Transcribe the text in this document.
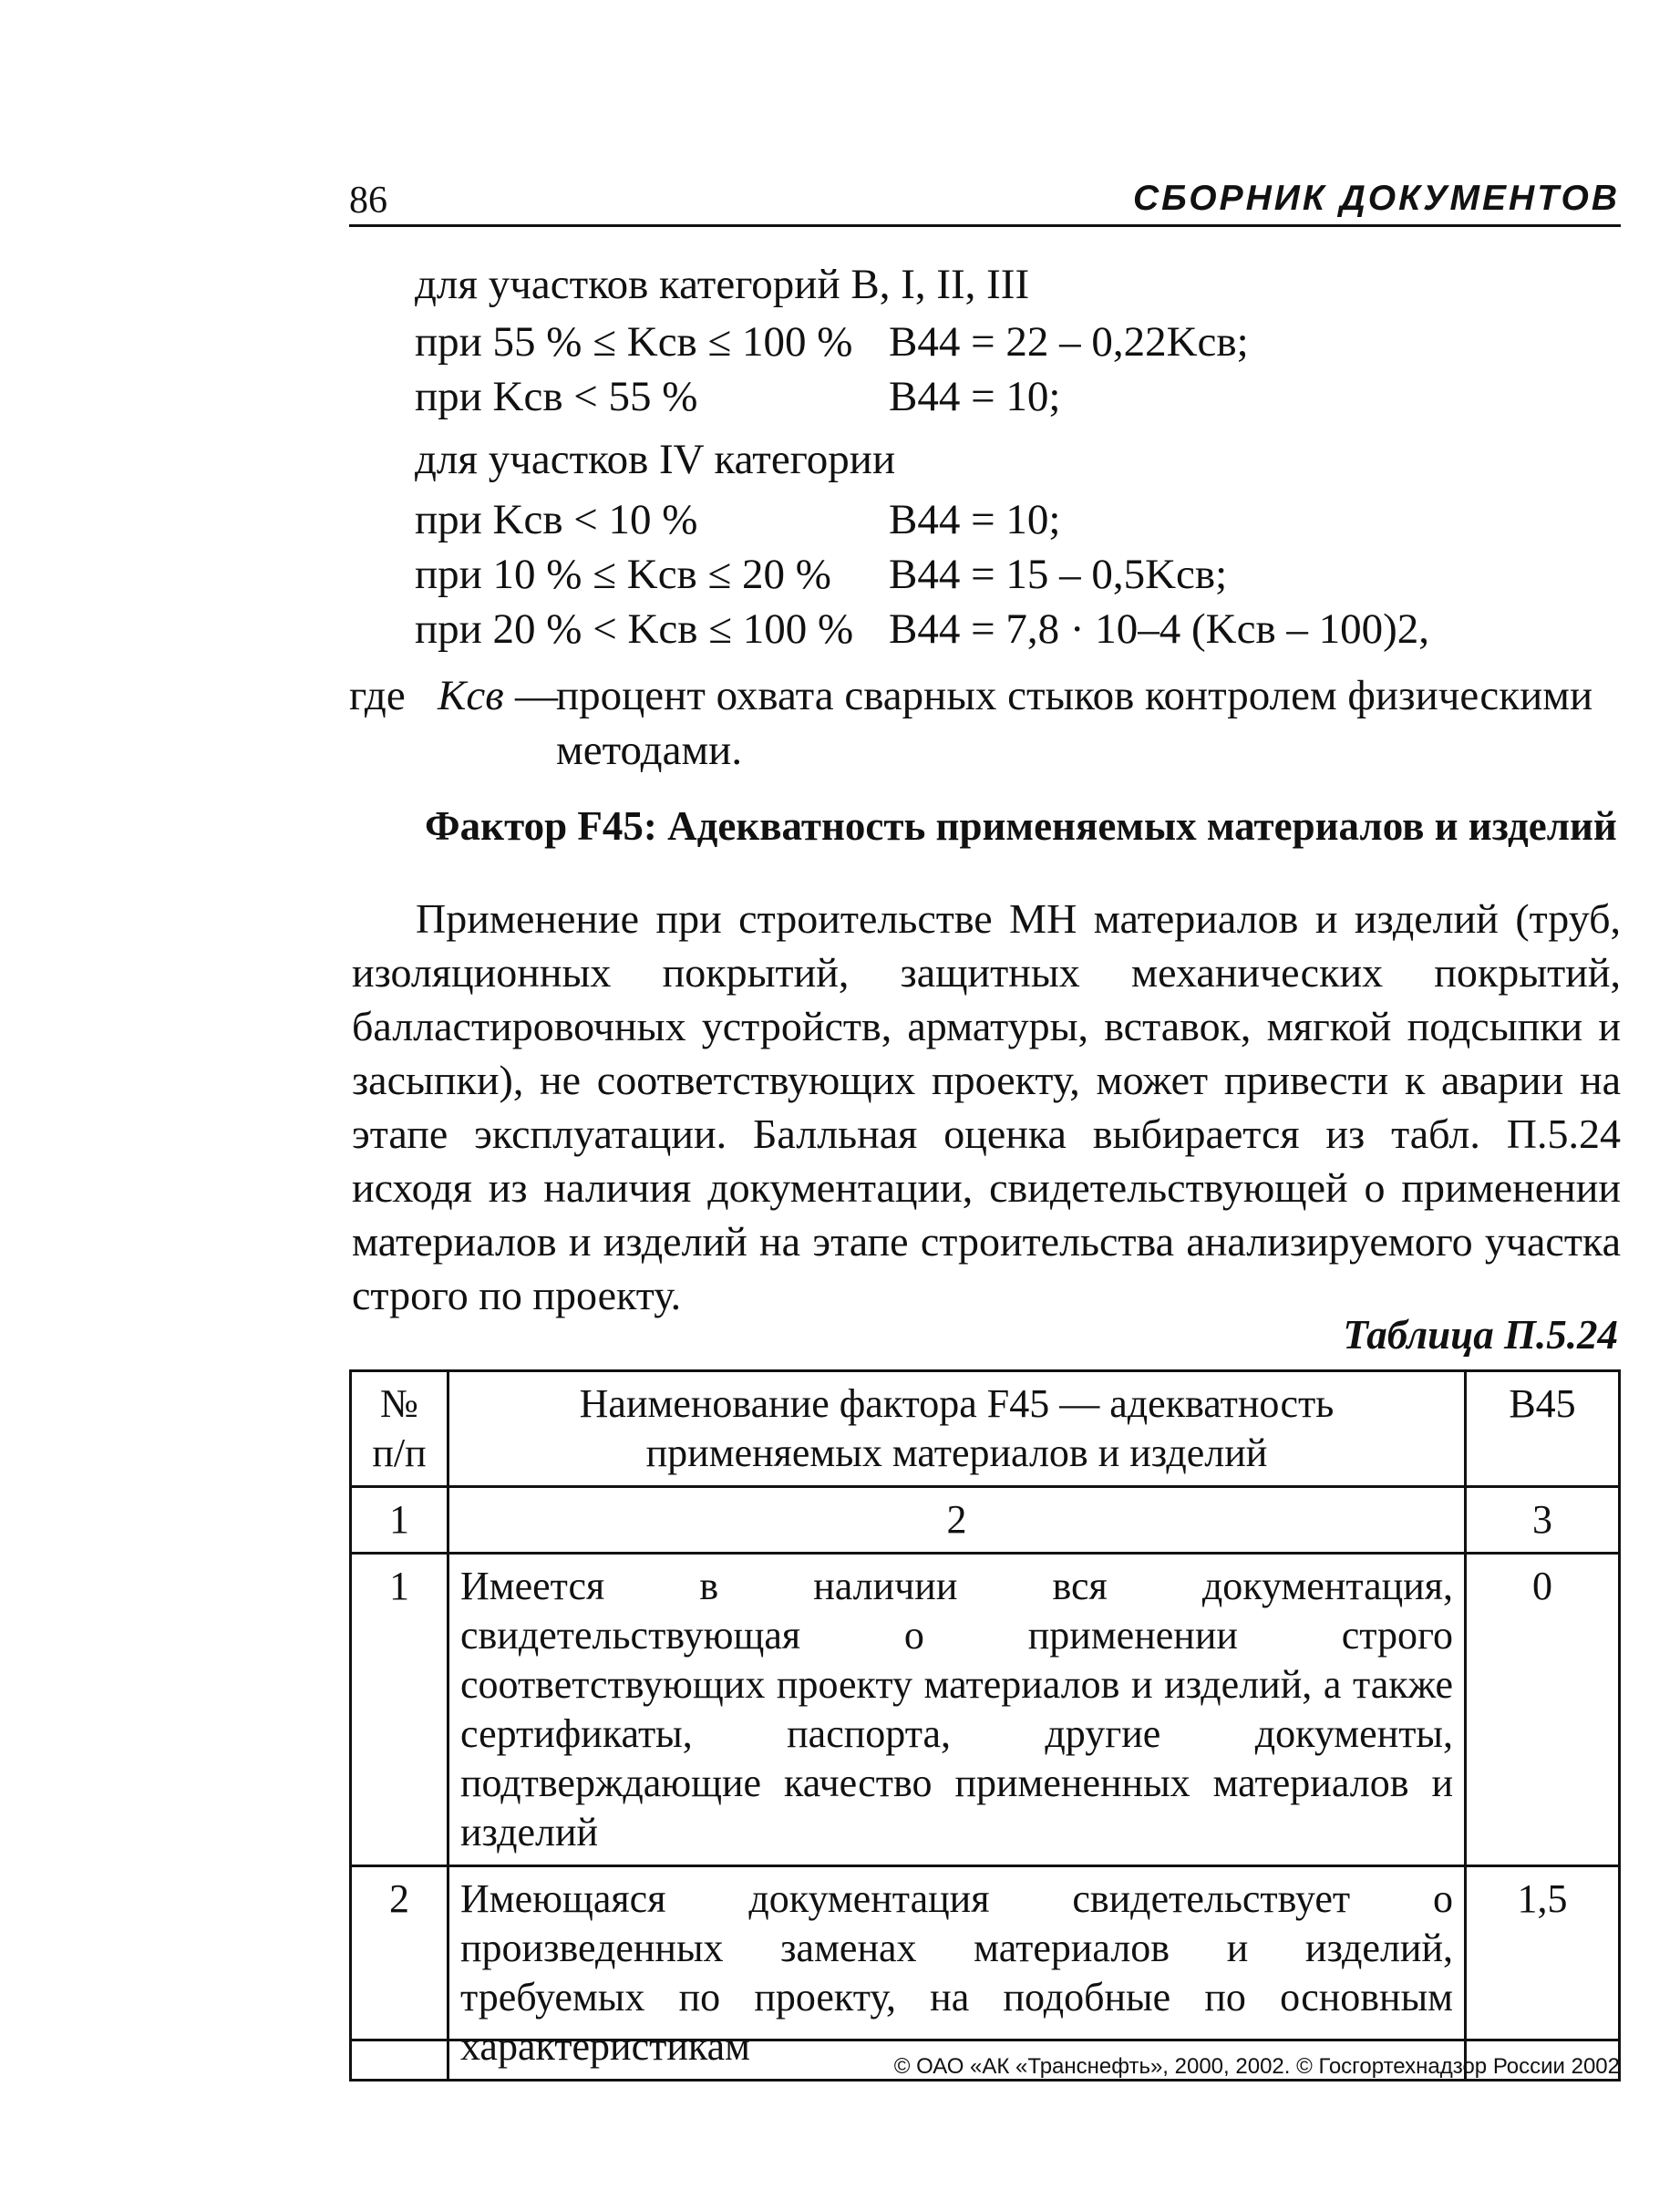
86	СБОРНИК ДОКУМЕНТОВ
для участков категорий B, I, II, III
при 55 % ≤ Kсв ≤ 100 % B44 = 22 – 0,22Kсв;
при Kсв < 55 %	B44 = 10;
для участков IV категории
при Kсв < 10 %	B44 = 10;
при 10 % ≤ Kсв ≤ 20 % B44 = 15 – 0,5Kсв;
при 20 % < Kсв ≤ 100 % B44 = 7,8 · 10–4 (Kсв – 100)2,
где Kсв —
процент охвата сварных стыков контролем физическими
методами.
Фактор F45: Адекватность применяемых материалов и изделий
Применение при строительстве МН материалов и изделий (труб, изоляционных покрытий, защитных механических покрытий, балластировочных устройств, арматуры, вставок, мягкой подсыпки и засыпки), не соответствующих проекту, может привести к аварии на этапе эксплуатации. Балльная оценка выбирается из табл. П.5.24 исходя из наличия документации, свидетельствующей о применении материалов и изделий на этапе строительства анализируемого участка строго по проекту.
Таблица П.5.24
№ п/п	Наименование фактора F45 — адекватность применяемых материалов и изделий	B45
1	2	3
1	Имеется в наличии вся документация, свидетельствующая о применении строго соответствующих проекту материалов и изделий, а также сертификаты, паспорта, другие документы, подтверждающие качество примененных материалов и изделий	0
2	Имеющаяся документация свидетельствует о произведенных заменах материалов и изделий, требуемых по проекту, на подобные по основным характеристикам	1,5
© ОАО «АК «Транснефть», 2000, 2002. © Госгортехнадзор России 2002
